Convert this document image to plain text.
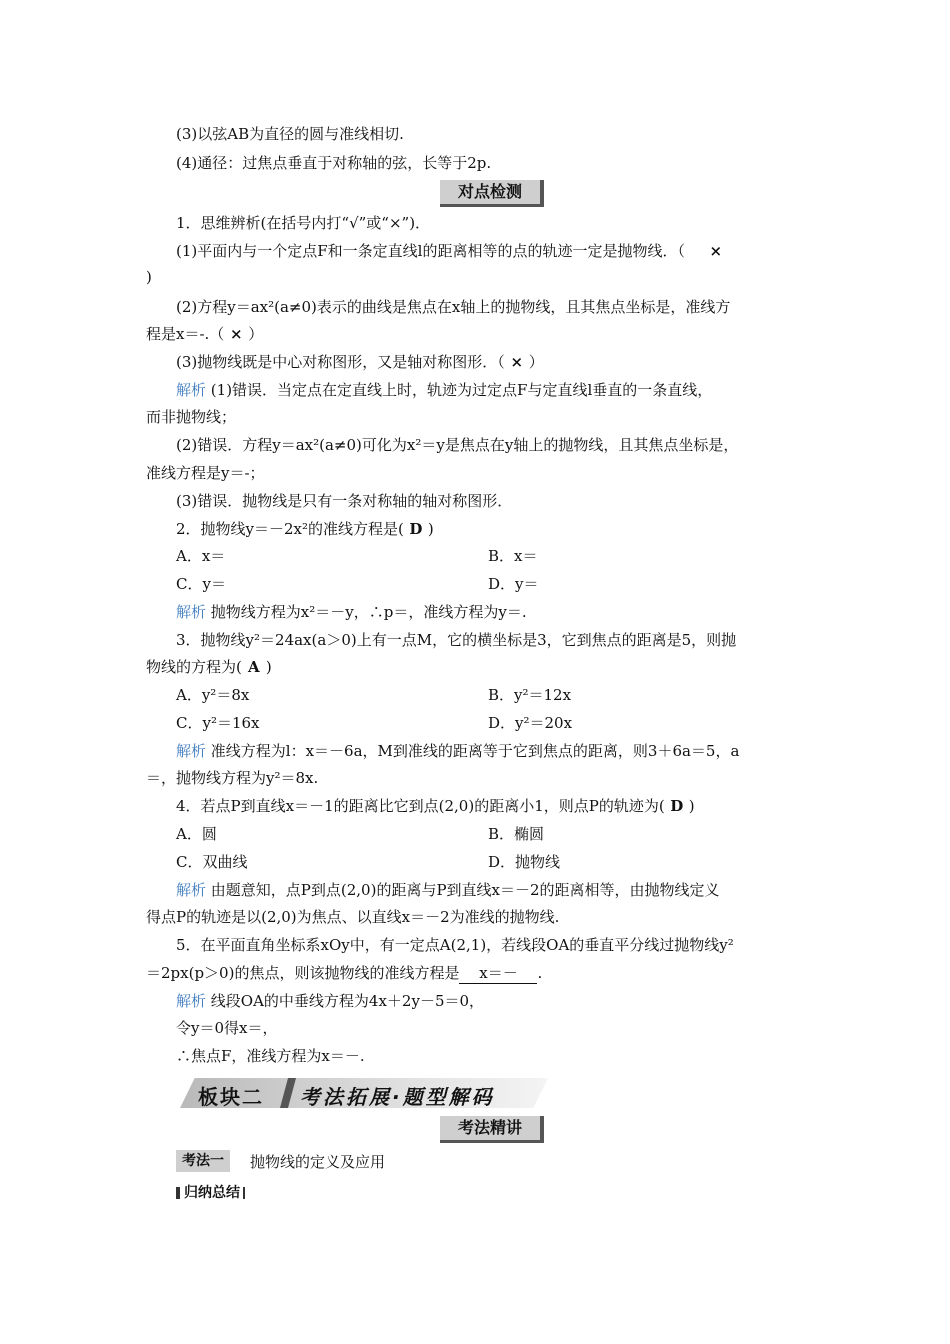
(3)以弦AB为直径的圆与准线相切.
(4)通径：过焦点垂直于对称轴的弦，长等于2p.
对点检测
1．思维辨析(在括号内打“√”或“×”)．
(1)平面内与一个定点F和一条定直线l的距离相等的点的轨迹一定是抛物线．（ ×
)
(2)方程y＝ax²(a≠0)表示的曲线是焦点在x轴上的抛物线，且其焦点坐标是，准线方
程是x＝-.（ × ）
(3)抛物线既是中心对称图形，又是轴对称图形．（ × ）
解析 (1)错误．当定点在定直线上时，轨迹为过定点F与定直线l垂直的一条直线，
而非抛物线；
(2)错误．方程y＝ax²(a≠0)可化为x²＝y是焦点在y轴上的抛物线，且其焦点坐标是，
准线方程是y＝-；
(3)错误．抛物线是只有一条对称轴的轴对称图形．
2．抛物线y＝－2x²的准线方程是( D )
A．x＝	B．x＝
C．y＝	D．y＝
解析 抛物线方程为x²＝－y，∴p＝，准线方程为y＝.
3．抛物线y²＝24ax(a＞0)上有一点M，它的横坐标是3，它到焦点的距离是5，则抛
物线的方程为( A )
A．y²＝8x	B．y²＝12x
C．y²＝16x	D．y²＝20x
解析 准线方程为l：x＝－6a，M到准线的距离等于它到焦点的距离，则3＋6a＝5，a
＝，抛物线方程为y²＝8x.
4．若点P到直线x＝－1的距离比它到点(2,0)的距离小1，则点P的轨迹为( D )
A．圆	B．椭圆
C．双曲线	D．抛物线
解析 由题意知，点P到点(2,0)的距离与P到直线x＝－2的距离相等，由抛物线定义
得点P的轨迹是以(2,0)为焦点、以直线x＝－2为准线的抛物线.
5．在平面直角坐标系xOy中，有一定点A(2,1)，若线段OA的垂直平分线过抛物线y²
＝2px(p＞0)的焦点，则该抛物线的准线方程是 x＝－ .
解析 线段OA的中垂线方程为4x＋2y－5＝0，
令y＝0得x＝，
∴焦点F，准线方程为x＝－.
板块二 考法拓展·题型解码
考法精讲
考法一	抛物线的定义及应用
归纳总结
